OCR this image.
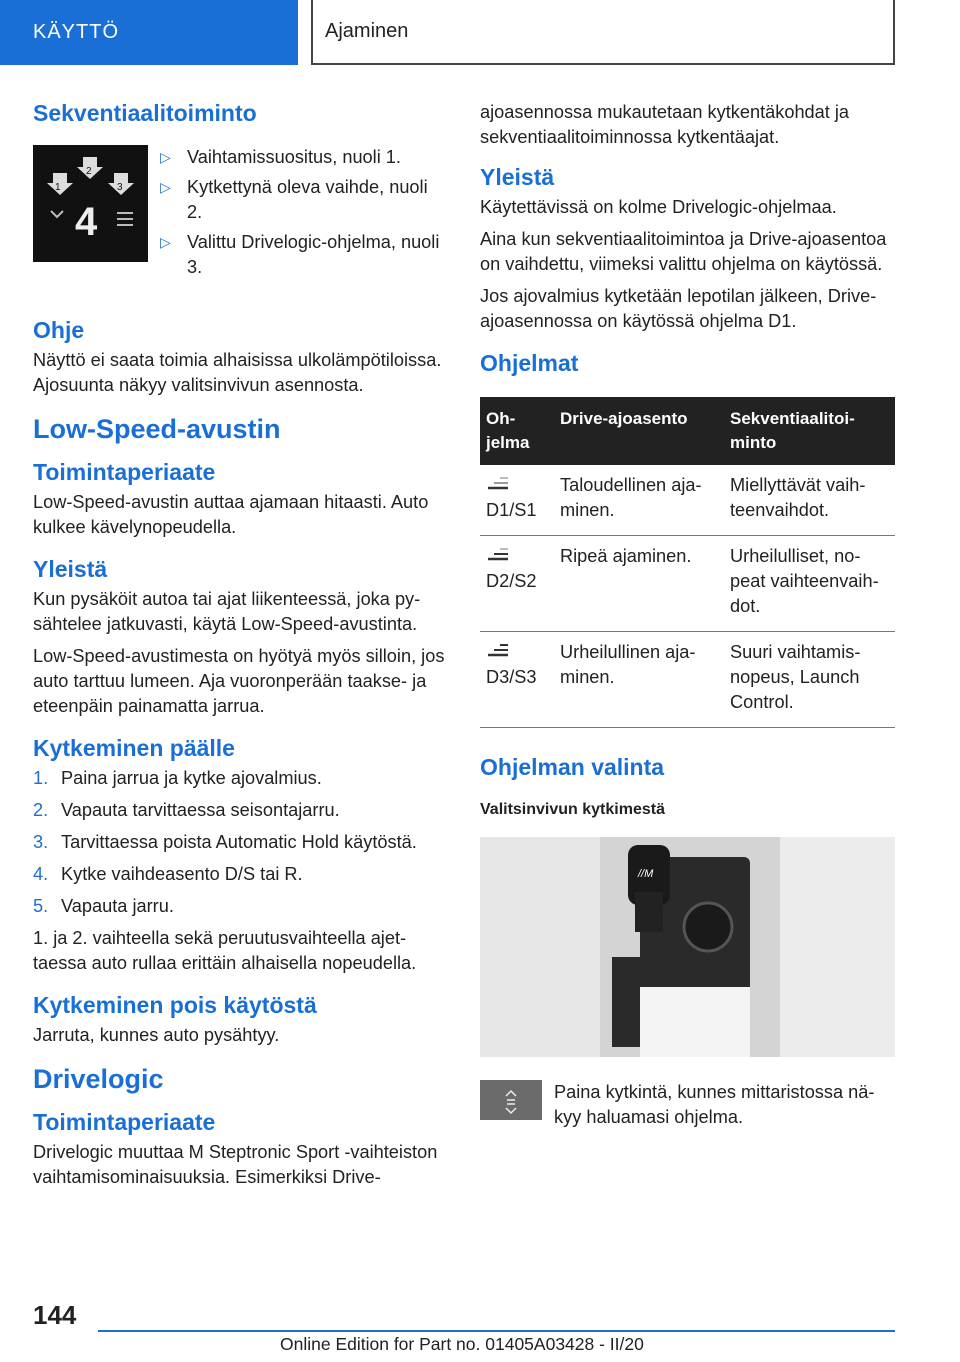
KÄYTTÖ	Ajaminen
Sekventiaalitoiminto
1
2
3
4
▷ Vaihtamissuositus, nuoli 1.
▷ Kytkettynä oleva vaihde, nuoli 2.
▷ Valittu Drivelogic-ohjelma, nuoli 3.
Ohje

Näyttö ei saata toimia alhaisissa ulkolämpötiloissa. Ajosuunta näkyy valitsinvivun asennosta.

Low-Speed-avustin
Toimintaperiaate

Low-Speed-avustin auttaa ajamaan hitaasti. Auto kulkee kävelynopeudella.

Yleistä

Kun pysäköit autoa tai ajat liikenteessä, joka pysähtelee jatkuvasti, käytä Low-Speed-avustinta.

Low-Speed-avustimesta on hyötyä myös silloin, jos auto tarttuu lumeen. Aja vuoronperään taakse- ja eteenpäin painamatta jarrua.

Kytkeminen päälle
1. Paina jarrua ja kytke ajovalmius.
2. Vapauta tarvittaessa seisontajarru.
3. Tarvittaessa poista Automatic Hold käytöstä.
4. Kytke vaihdeasento D/S tai R.
5. Vapauta jarru.

1. ja 2. vaihteella sekä peruutusvaihteella ajettaessa auto rullaa erittäin alhaisella nopeudella.

Kytkeminen pois käytöstä

Jarruta, kunnes auto pysähtyy.

Drivelogic
Toimintaperiaate

Drivelogic muuttaa M Steptronic Sport -vaihteiston vaihtamisominaisuuksia. Esimerkiksi Drive-

ajoasennossa mukautetaan kytkentäkohdat ja sekventiaalitoiminnossa kytkentäajat.

Yleistä

Käytettävissä on kolme Drivelogic-ohjelmaa.

Aina kun sekventiaalitoimintoa ja Drive-ajoasentoa on vaihdettu, viimeksi valittu ohjelma on käytössä.

Jos ajovalmius kytketään lepotilan jälkeen, Drive-ajoasennossa on käytössä ohjelma D1.

Ohjelmat
Ohjelma	Drive-ajoasento	Sekventiaalitoiminto

D1/S1	Taloudellinen ajaminen.	Miellyttävät vaihteenvaihdot.

D2/S2	Ripeä ajaminen.	Urheilulliset, nopeat vaihteenvaihdot.

D3/S3	Urheilullinen ajaminen.	Suuri vaihtamisnopeus, Launch Control.
Ohjelman valinta
Valitsinvivun kytkimestä
//M

Paina kytkintä, kunnes mittaristossa näkyy haluamasi ohjelma.

144
Online Edition for Part no. 01405A03428 - II/20
